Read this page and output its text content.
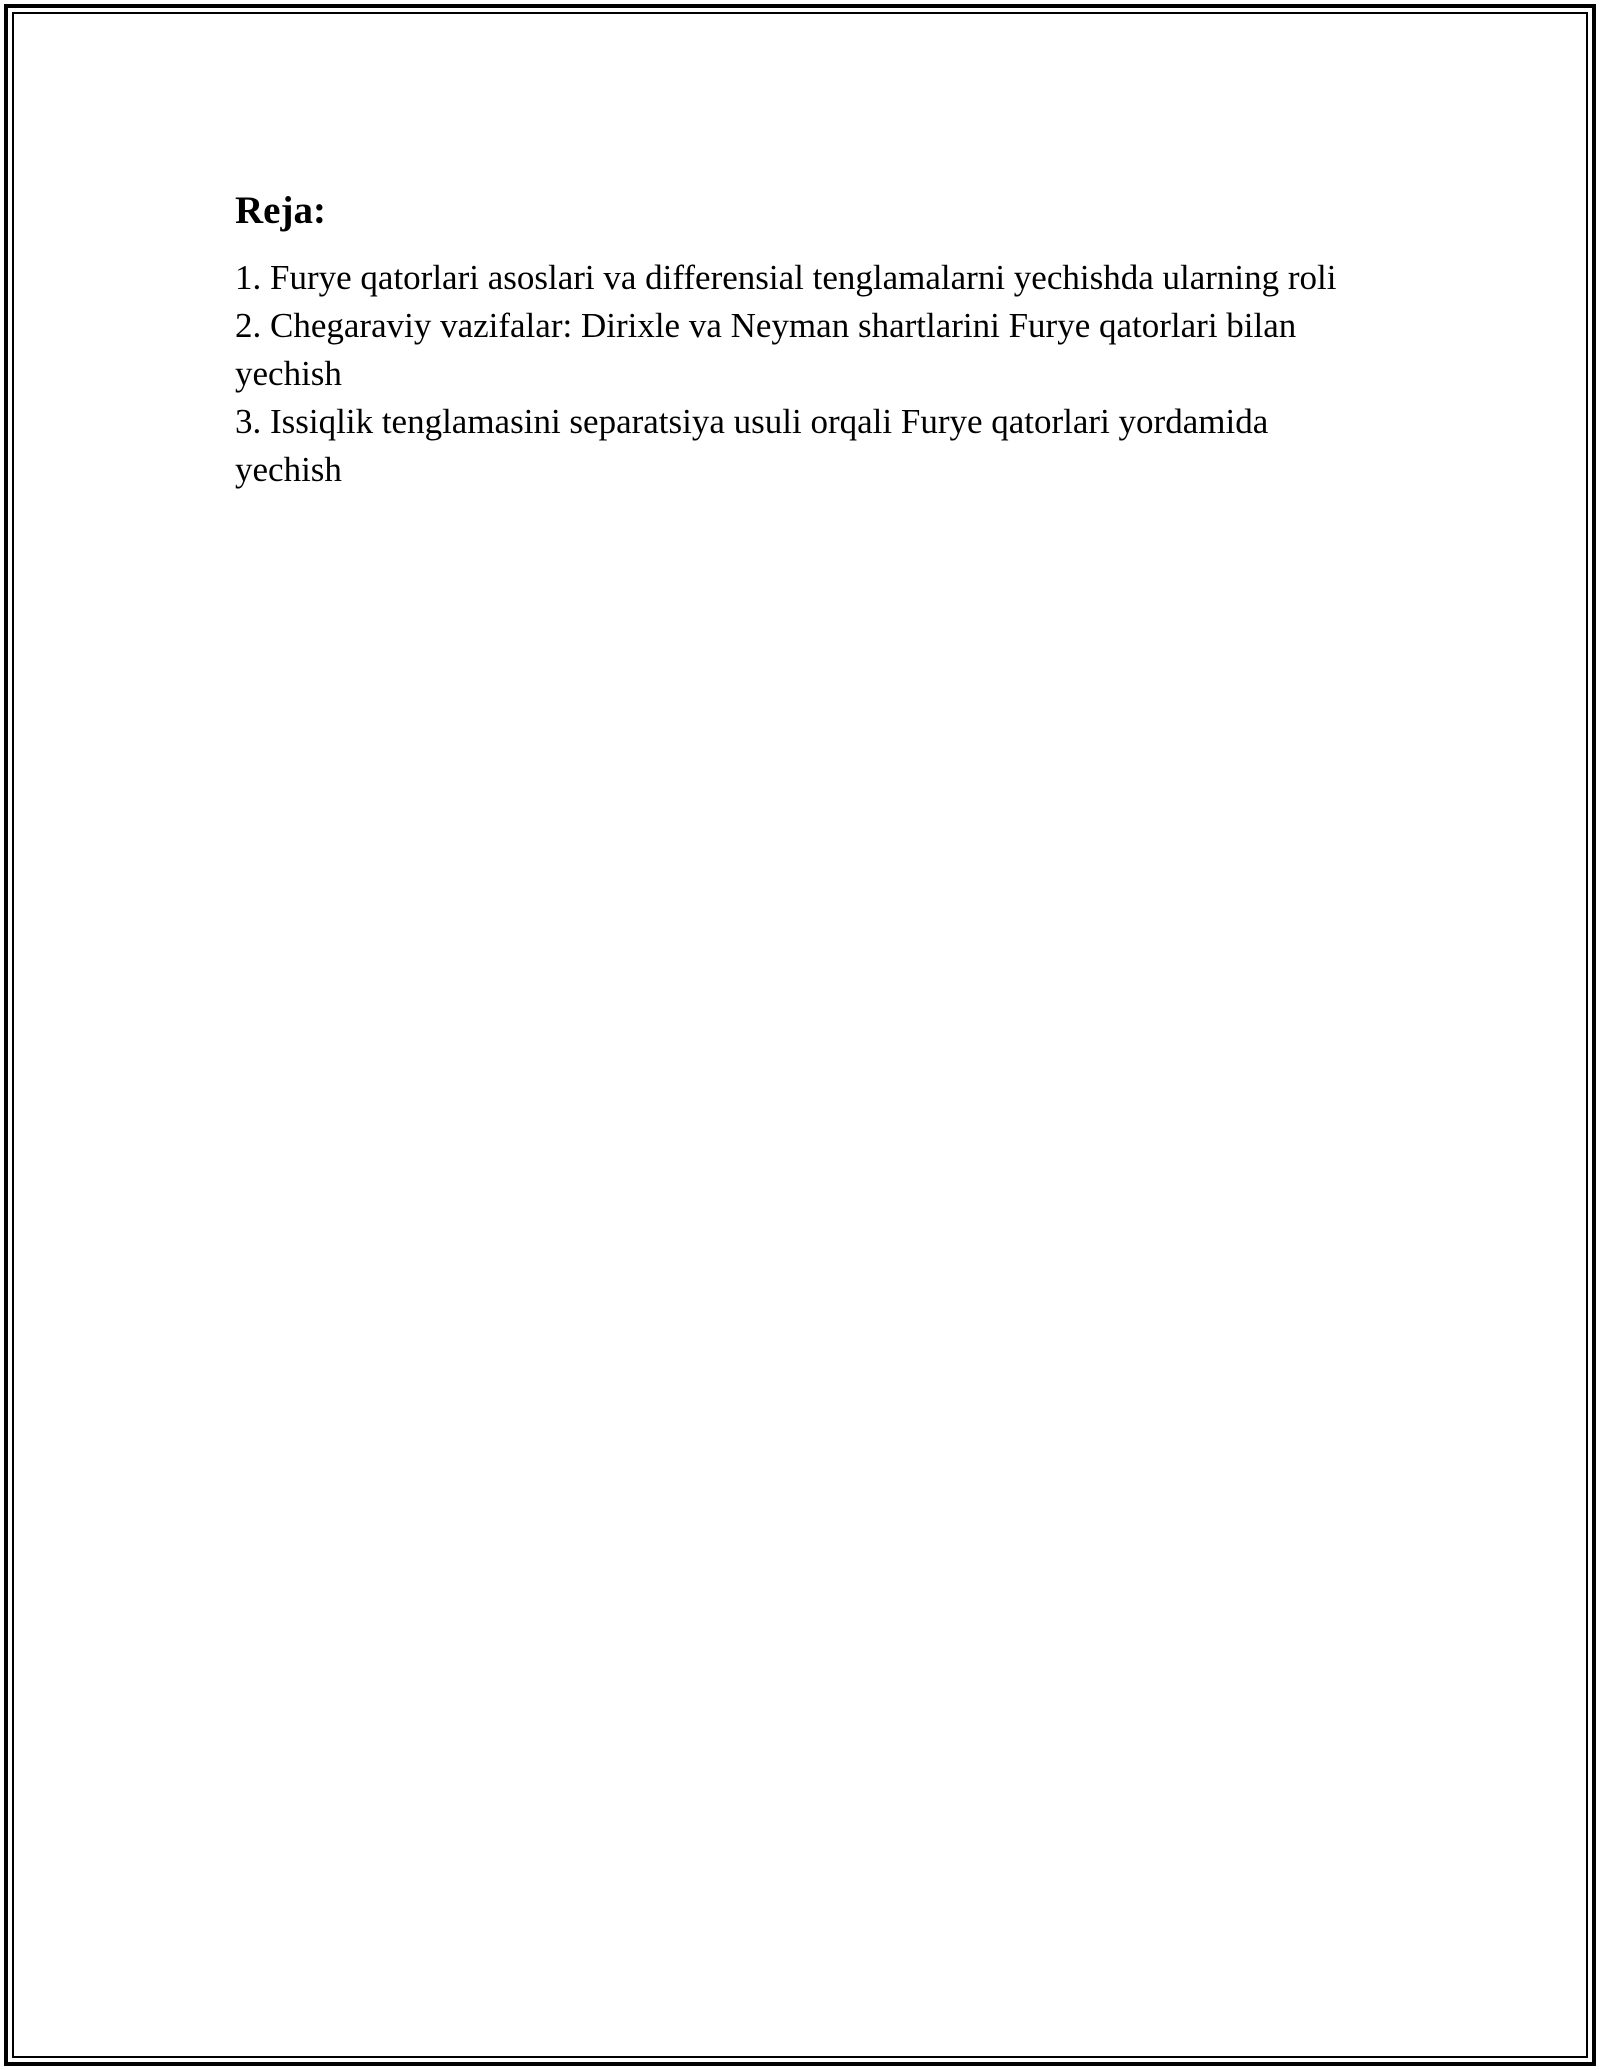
Reja:
1. Furye qatorlari asoslari va differensial tenglamalarni yechishda ularning roli
2. Chegaraviy vazifalar: Dirixle va Neyman shartlarini Furye qatorlari bilan yechish
3. Issiqlik tenglamasini separatsiya usuli orqali Furye qatorlari yordamida yechish
